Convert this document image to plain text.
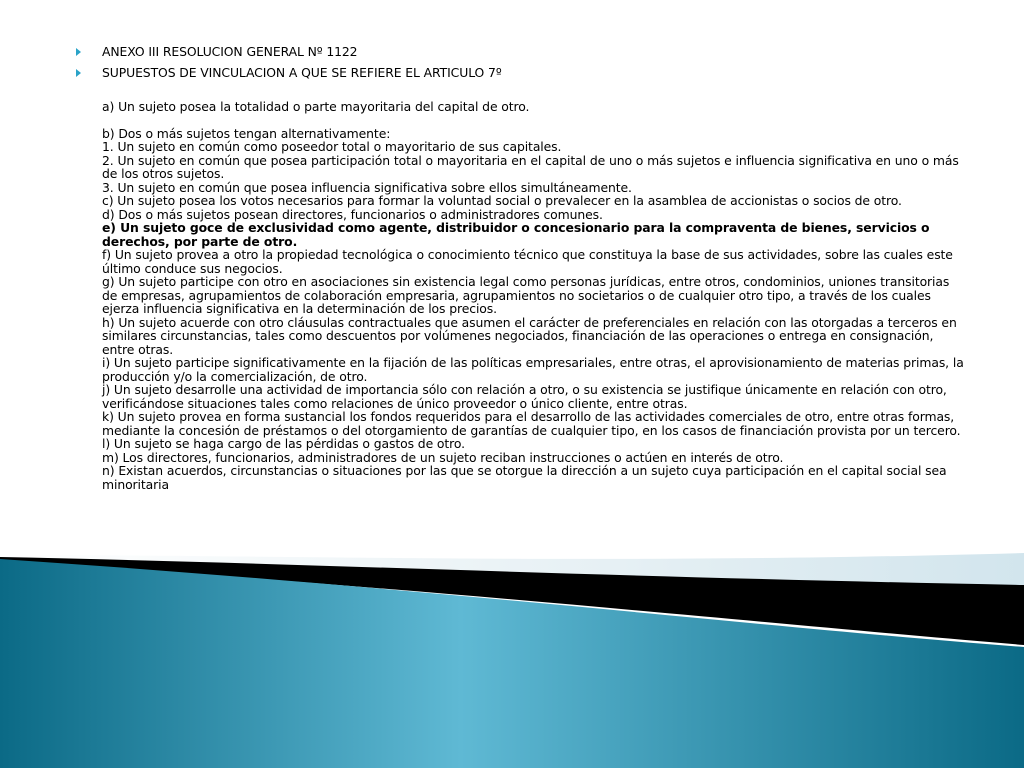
ANEXO III RESOLUCION GENERAL Nº 1122
SUPUESTOS DE VINCULACION A QUE SE REFIERE EL ARTICULO 7º

a) Un sujeto posea la totalidad o parte mayoritaria del capital de otro.

b) Dos o más sujetos tengan alternativamente:

1. Un sujeto en común como poseedor total o mayoritario de sus capitales.

2. Un sujeto en común que posea participación total o mayoritaria en el capital de uno o más sujetos e influencia significativa en uno o más de los otros sujetos.

3. Un sujeto en común que posea influencia significativa sobre ellos simultáneamente.

c) Un sujeto posea los votos necesarios para formar la voluntad social o prevalecer en la asamblea de accionistas o socios de otro.

d) Dos o más sujetos posean directores, funcionarios o administradores comunes.

e) Un sujeto goce de exclusividad como agente, distribuidor o concesionario para la compraventa de bienes, servicios o derechos, por parte de otro.

f) Un sujeto provea a otro la propiedad tecnológica o conocimiento técnico que constituya la base de sus actividades, sobre las cuales este último conduce sus negocios.

g) Un sujeto participe con otro en asociaciones sin existencia legal como personas jurídicas, entre otros, condominios, uniones transitorias de empresas, agrupamientos de colaboración empresaria, agrupamientos no societarios o de cualquier otro tipo, a través de los cuales ejerza influencia significativa en la determinación de los precios.

h) Un sujeto acuerde con otro cláusulas contractuales que asumen el carácter de preferenciales en relación con las otorgadas a terceros en similares circunstancias, tales como descuentos por volúmenes negociados, financiación de las operaciones o entrega en consignación, entre otras.

i) Un sujeto participe significativamente en la fijación de las políticas empresariales, entre otras, el aprovisionamiento de materias primas, la producción y/o la comercialización, de otro.

j) Un sujeto desarrolle una actividad de importancia sólo con relación a otro, o su existencia se justifique únicamente en relación con otro, verificándose situaciones tales como relaciones de único proveedor o único cliente, entre otras.

k) Un sujeto provea en forma sustancial los fondos requeridos para el desarrollo de las actividades comerciales de otro, entre otras formas, mediante la concesión de préstamos o del otorgamiento de garantías de cualquier tipo, en los casos de financiación provista por un tercero.

l) Un sujeto se haga cargo de las pérdidas o gastos de otro.

m) Los directores, funcionarios, administradores de un sujeto reciban instrucciones o actúen en interés de otro.

n) Existan acuerdos, circunstancias o situaciones por las que se otorgue la dirección a un sujeto cuya participación en el capital social sea minoritaria
